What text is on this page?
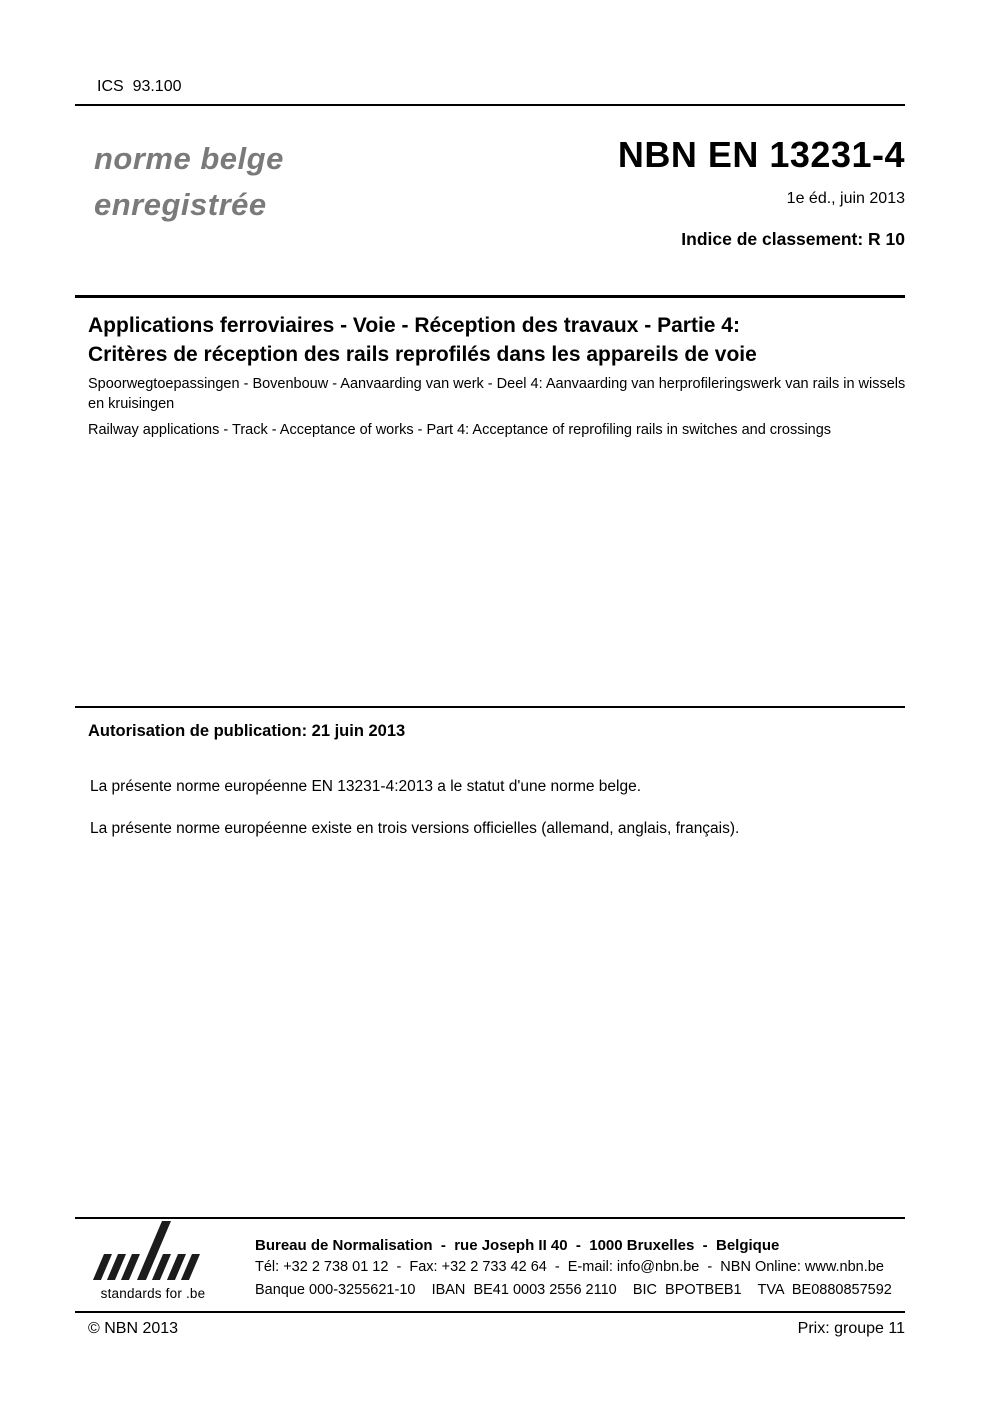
ICS  93.100
norme belge
enregistrée
NBN EN 13231-4
1e éd., juin 2013
Indice de classement: R 10
Applications ferroviaires - Voie - Réception des travaux - Partie 4:
Critères de réception des rails reprofilés dans les appareils de voie
Spoorwegtoepassingen - Bovenbouw - Aanvaarding van werk - Deel 4: Aanvaarding van herprofileringswerk van rails in wissels en kruisingen
Railway applications - Track - Acceptance of works - Part 4: Acceptance of reprofiling rails in switches and crossings
Autorisation de publication: 21 juin 2013
La présente norme européenne EN 13231-4:2013 a le statut d'une norme belge.
La présente norme européenne existe en trois versions officielles (allemand, anglais, français).
standards for .be
Bureau de Normalisation  -  rue Joseph II 40  -  1000 Bruxelles  -  Belgique
Tél: +32 2 738 01 12  -  Fax: +32 2 733 42 64  -  E-mail: info@nbn.be  -  NBN Online: www.nbn.be
Banque 000-3255621-10    IBAN  BE41 0003 2556 2110    BIC  BPOTBEB1    TVA  BE0880857592
© NBN 2013	Prix: groupe 11
